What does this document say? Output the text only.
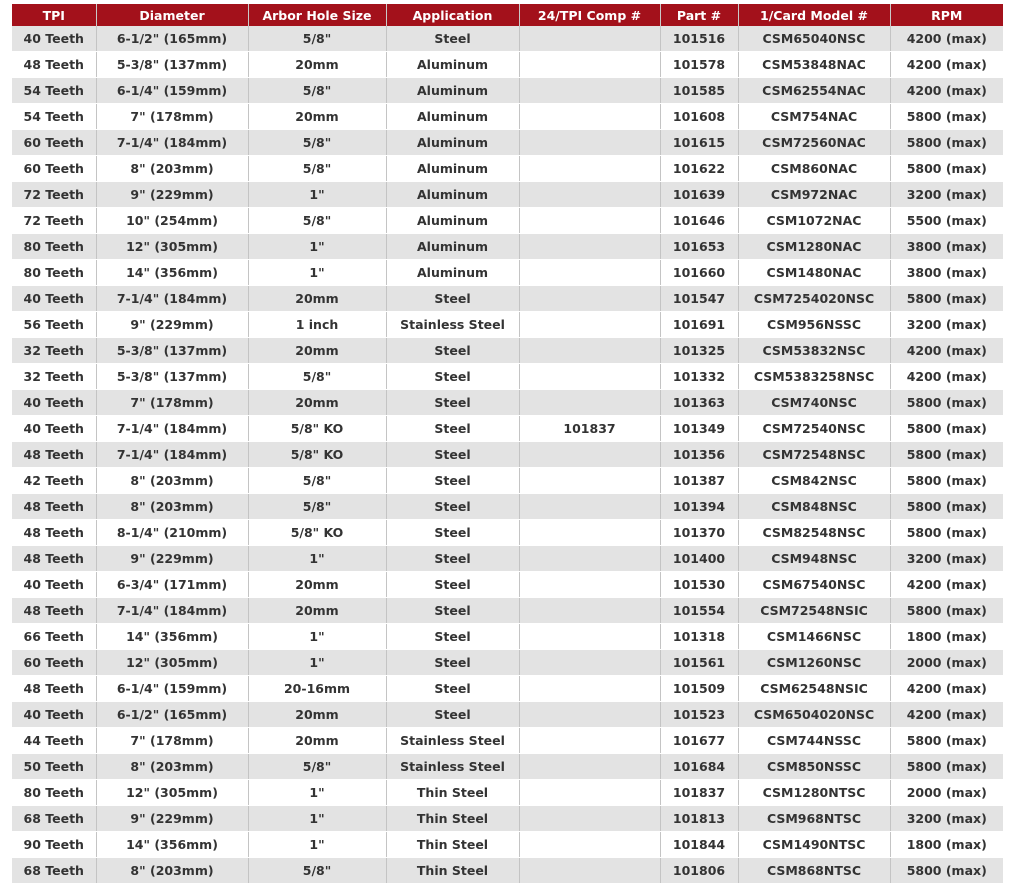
TPI	Diameter	Arbor Hole Size	Application	24/TPI Comp #	Part #	1/Card Model #	RPM
40 Teeth	6-1/2" (165mm)	5/8"	Steel		101516	CSM65040NSC	4200 (max)
48 Teeth	5-3/8" (137mm)	20mm	Aluminum		101578	CSM53848NAC	4200 (max)
54 Teeth	6-1/4" (159mm)	5/8"	Aluminum		101585	CSM62554NAC	4200 (max)
54 Teeth	7" (178mm)	20mm	Aluminum		101608	CSM754NAC	5800 (max)
60 Teeth	7-1/4" (184mm)	5/8"	Aluminum		101615	CSM72560NAC	5800 (max)
60 Teeth	8" (203mm)	5/8"	Aluminum		101622	CSM860NAC	5800 (max)
72 Teeth	9" (229mm)	1"	Aluminum		101639	CSM972NAC	3200 (max)
72 Teeth	10" (254mm)	5/8"	Aluminum		101646	CSM1072NAC	5500 (max)
80 Teeth	12" (305mm)	1"	Aluminum		101653	CSM1280NAC	3800 (max)
80 Teeth	14" (356mm)	1"	Aluminum		101660	CSM1480NAC	3800 (max)
40 Teeth	7-1/4" (184mm)	20mm	Steel		101547	CSM7254020NSC	5800 (max)
56 Teeth	9" (229mm)	1 inch	Stainless Steel		101691	CSM956NSSC	3200 (max)
32 Teeth	5-3/8" (137mm)	20mm	Steel		101325	CSM53832NSC	4200 (max)
32 Teeth	5-3/8" (137mm)	5/8"	Steel		101332	CSM5383258NSC	4200 (max)
40 Teeth	7" (178mm)	20mm	Steel		101363	CSM740NSC	5800 (max)
40 Teeth	7-1/4" (184mm)	5/8" KO	Steel	101837	101349	CSM72540NSC	5800 (max)
48 Teeth	7-1/4" (184mm)	5/8" KO	Steel		101356	CSM72548NSC	5800 (max)
42 Teeth	8" (203mm)	5/8"	Steel		101387	CSM842NSC	5800 (max)
48 Teeth	8" (203mm)	5/8"	Steel		101394	CSM848NSC	5800 (max)
48 Teeth	8-1/4" (210mm)	5/8" KO	Steel		101370	CSM82548NSC	5800 (max)
48 Teeth	9" (229mm)	1"	Steel		101400	CSM948NSC	3200 (max)
40 Teeth	6-3/4" (171mm)	20mm	Steel		101530	CSM67540NSC	4200 (max)
48 Teeth	7-1/4" (184mm)	20mm	Steel		101554	CSM72548NSIC	5800 (max)
66 Teeth	14" (356mm)	1"	Steel		101318	CSM1466NSC	1800 (max)
60 Teeth	12" (305mm)	1"	Steel		101561	CSM1260NSC	2000 (max)
48 Teeth	6-1/4" (159mm)	20-16mm	Steel		101509	CSM62548NSIC	4200 (max)
40 Teeth	6-1/2" (165mm)	20mm	Steel		101523	CSM6504020NSC	4200 (max)
44 Teeth	7" (178mm)	20mm	Stainless Steel		101677	CSM744NSSC	5800 (max)
50 Teeth	8" (203mm)	5/8"	Stainless Steel		101684	CSM850NSSC	5800 (max)
80 Teeth	12" (305mm)	1"	Thin Steel		101837	CSM1280NTSC	2000 (max)
68 Teeth	9" (229mm)	1"	Thin Steel		101813	CSM968NTSC	3200 (max)
90 Teeth	14" (356mm)	1"	Thin Steel		101844	CSM1490NTSC	1800 (max)
68 Teeth	8" (203mm)	5/8"	Thin Steel		101806	CSM868NTSC	5800 (max)
